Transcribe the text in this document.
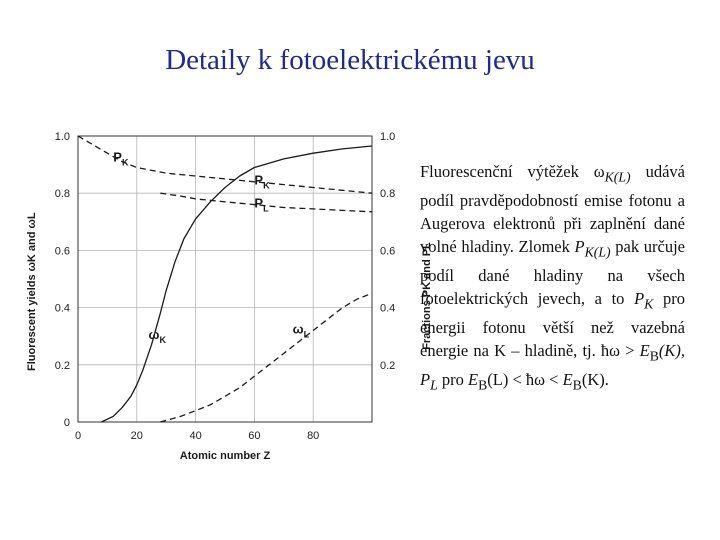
Detaily k fotoelektrickému jevu
0
0.2
0.4
0.6
0.8
1.0
0.2
0.4
0.6
0.8
1.0
0	20	40	60	80
$P_K$
$P_K$
$P_L$
$\omega_K$
$\omega_L$
Fluorescent yields ωK and ωL	Fractions PK and PL
Atomic number Z
Fluorescenční výtěžek $\omega_{K(L)}$ udává podíl pravděpodobností emise fotonu a Augerova elektronů při zaplnění dané volné hladiny. Zlomek $P_{K(L)}$ pak určuje podíl dané hladiny na všech fotoelektrických jevech, a to $P_K$ pro energii fotonu větší než vazebná energie na K – hladině, tj. ħω > $E_B(K)$, $P_L$ pro $E_B(L)$ < ħω < $E_B(K)$.
